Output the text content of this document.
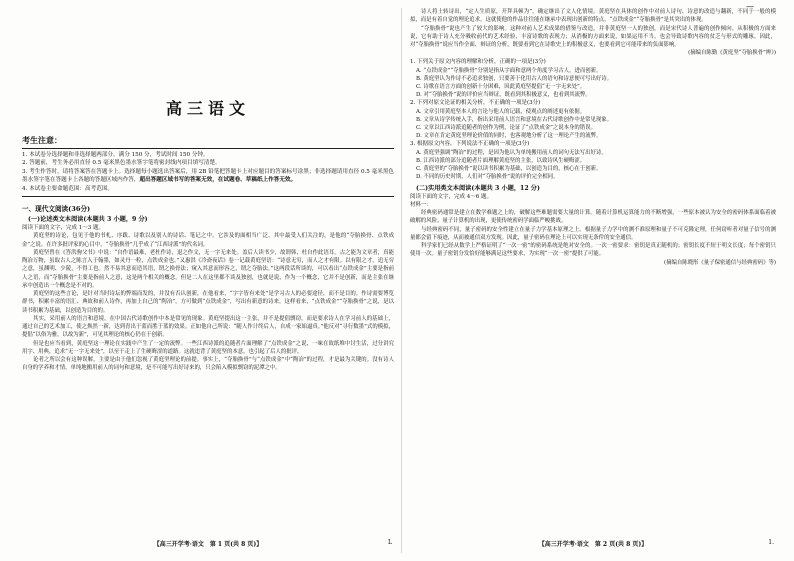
—
高三语文
考生注意：

1. 本试卷分选择题和非选择题两部分。满分 150 分，考试时间 150 分钟。

2. 答题前，考生务必用直径 0.5 毫米黑色墨水签字笔将密封线内项目填写清楚。

3. 考生作答时，请将答案答在答题卡上。选择题每小题选出答案后，用 2B 铅笔把答题卡上对应题目的答案标号涂黑；非选择题请用直径 0.5 毫米黑色墨水签字笔在答题卡上各题的答题区域内作答，超出答题区域书写的答案无效，在试题卷、草稿纸上作答无效。

4. 本试卷主要命题范围：高考范围。

一、现代文阅读(36分)
(一)论述类文本阅读(本题共 3 小题，9 分)

阅读下面的文字，完成 1～3 题。

黄庭坚的诗论，包见于他的书札、序跋、诗歌以及别人的诗话、笔记之中，它涉及的面相当广泛，其中最受人们关注的，是他的“夺胎换骨、点铁成金”之说。在许多批评家的心目中，“夺胎换骨”几乎成了“江西诗派”的代名词。

黄庭坚曾在《答洪驹父书》中说：“自作语最难，老杜作诗，退之作文，无一字无来处。盖后人读书少，故谓韩、杜自作此语耳。古之能为文章者，真能陶冶万物，虽取古人之陈言入于翰墨，如灵丹一粒，点铁成金也。”又惠洪《冷斋夜话》卷一记载黄庭坚语：“诗意无穷，而人之才有限。以有限之才，追无穷之意，虽渊明、少陵，不得工也。然不易其意而造其语，谓之换骨法；窥入其意而形容之，谓之夺胎法。”这两段话所谈的，可以看出“点铁成金”主要是指前人之语，而“夺胎换骨”主要是指前人之意，这是两个相关的概念。但是二人在这里都不谈及独创，也就是说，作为一个概念，它并不是创新，而是主张在继承中创造出一个概念是不对的。

黄庭坚的这些言论，是针对当时诗坛的弊端而发的，并没有否认创新，在他看来，“字字皆有来处”是学习古人的必要途径，而不是目的。作诗需要博览群书，积累丰富的语汇、典故和前人诗作，再加上自己的“陶冶”，方可做到“点铁成金”，写出有新意的诗来。这样看来，“点铁成金”“夺胎换骨”之说，是以读书积累为基础，以创造为目的的。

其实，采用前人的语言和意境，在中国古代诗歌创作中本是常见的现象。黄庭坚提出这一主张，并不是提倡剽窃，而是要求诗人在学习前人的基础上，通过自己的艺术加工，使之焕然一新，达到青出于蓝而胜于蓝的效果。正如他自己所说：“随人作计终后人，自成一家始逼真。”他反对“寻行数墨”式的模拟，提倡“以俗为雅，以故为新”，可见其理论的核心仍在于创新。

但是也应当看到，黄庭坚这一理论在实践中产生了一定的流弊。一些江西诗派的追随者片面理解了“点铁成金”之说，一味在故纸堆中讨生活，过分讲究用字、用典，追求“无一字无来处”，以至于走上了生硬晦涩的道路。这就违背了黄庭坚的本意，也引起了后人的批评。

论者之所以会有这种误解，主要是由于他们忽视了黄庭坚理论的前提。事实上，“夺胎换骨”与“点铁成金”中“陶冶”的过程，才是最为关键的。没有诗人自身的学养和才情，单纯地搬用前人的词句和意境，是不可能写出好诗来的，只会陷入模拟剽窃的泥潭之中。

【高三开学考·语文　第 1 页(共 8 页)】	L

诗人将士转诗出，“定人生质原，开拜具顿为”，确定继出了文人化情境。黄庭坚在具体的创作中对前人诗句、诗意的改造与翻新，不同于一般的模拟，而是有着自觉的理论追求，这就使他的作品往往能在继承中表现出创新的特点，“点铁成金”“夺胎换骨”是其突出的体现。

“夺胎换骨”说也产生了较大的影响。这种对前人艺术成果的借鉴与改造，并非黄庭坚一人的独创，而是宋代诗人普遍的创作倾向。从积极的方面来说，它有助于诗人充分吸收前代的艺术经验，丰富诗歌的表现力；从消极的方面来说，如果运用不当，也会导致诗歌内容的贫乏与形式的雕琢。因此，对“夺胎换骨”说应当作全面、辩证的分析，既要看到它在诗歌史上的积极意义，也要看到它可能带来的负面影响。

(摘编自陈勤《黄庭坚“夺胎换骨”辨》)

1. 下列关于原文内容的理解和分析，正确的一项是(3分)

A. “点铁成金”“夺胎换骨”分别是指从字面和意两个角度学习古人，进而创新。

B. 黄庭坚认为作诗不必追求独创，只要善于化用古人的语句和诗意便可写出好诗。

C. 诗歌在语言方面的创新十分困难，因此黄庭坚提倡“无一字无来处”。

D. 对“夺胎换骨”说的评价应当辩证，既看到其积极意义，也看到其流弊。

2. 下列对原文论证的相关分析，不正确的一项是(3分)

A. 文章引用黄庭坚本人的言论与他人的记载，使观点的阐述更有依据。

B. 文章从诗学传统入手，指出采用前人语言和意境在古代诗歌创作中是常见现象。

C. 文章以江西诗派追随者的创作为例，论证了“点铁成金”之说本身的错误。

D. 文章在肯定黄庭坚理论价值的同时，也客观地分析了这一理论产生的流弊。

3. 根据原文内容，下列说法不正确的一项是(3分)

A. 黄庭坚强调“陶冶”的过程，是因为他认为单纯搬用前人的词句无法写出好诗。

B. 江西诗派的部分追随者片面理解黄庭坚的主张，以致诗风生硬晦涩。

C. 黄庭坚的“夺胎换骨”说以读书积累为基础，以创造为目的，核心在于创新。

D. 不同的历史时期，人们对“夺胎换骨”说的评价完全相同。

(二)实用类文本阅读(本题共 3 小题，12 分)

阅读下面的文字，完成 4～6 题。

材料一：

经典密码通常是建立在数学难题之上的，破解这些难题需要大量的计算。随着计算机运算能力的不断增强，一些原本被认为安全的密码体系面临着被破解的风险。量子计算机的出现，更使传统密码学面临严峻挑战。

与经典密码不同，量子密码的安全性建立在量子力学基本原理之上。根据量子力学中的测不准原理和量子不可克隆定理，任何窃听者对量子信号的测量都会留下痕迹，从而被通信双方发现。因此，量子密码在理论上可以实现无条件的安全通信。

科学家们已经从数学上严格证明了“一次一密”的密码系统是绝对安全的。一次一密要求：密钥是真正随机的；密钥长度不短于明文长度；每个密钥只使用一次。量子密钥分发恰好能够满足这些要求，为实现“一次一密”提供了可能。

(摘编自陈晓彤《量子保密通信与经典密码》等)

【高三开学考·语文　第 2 页(共 8 页)】	1.
